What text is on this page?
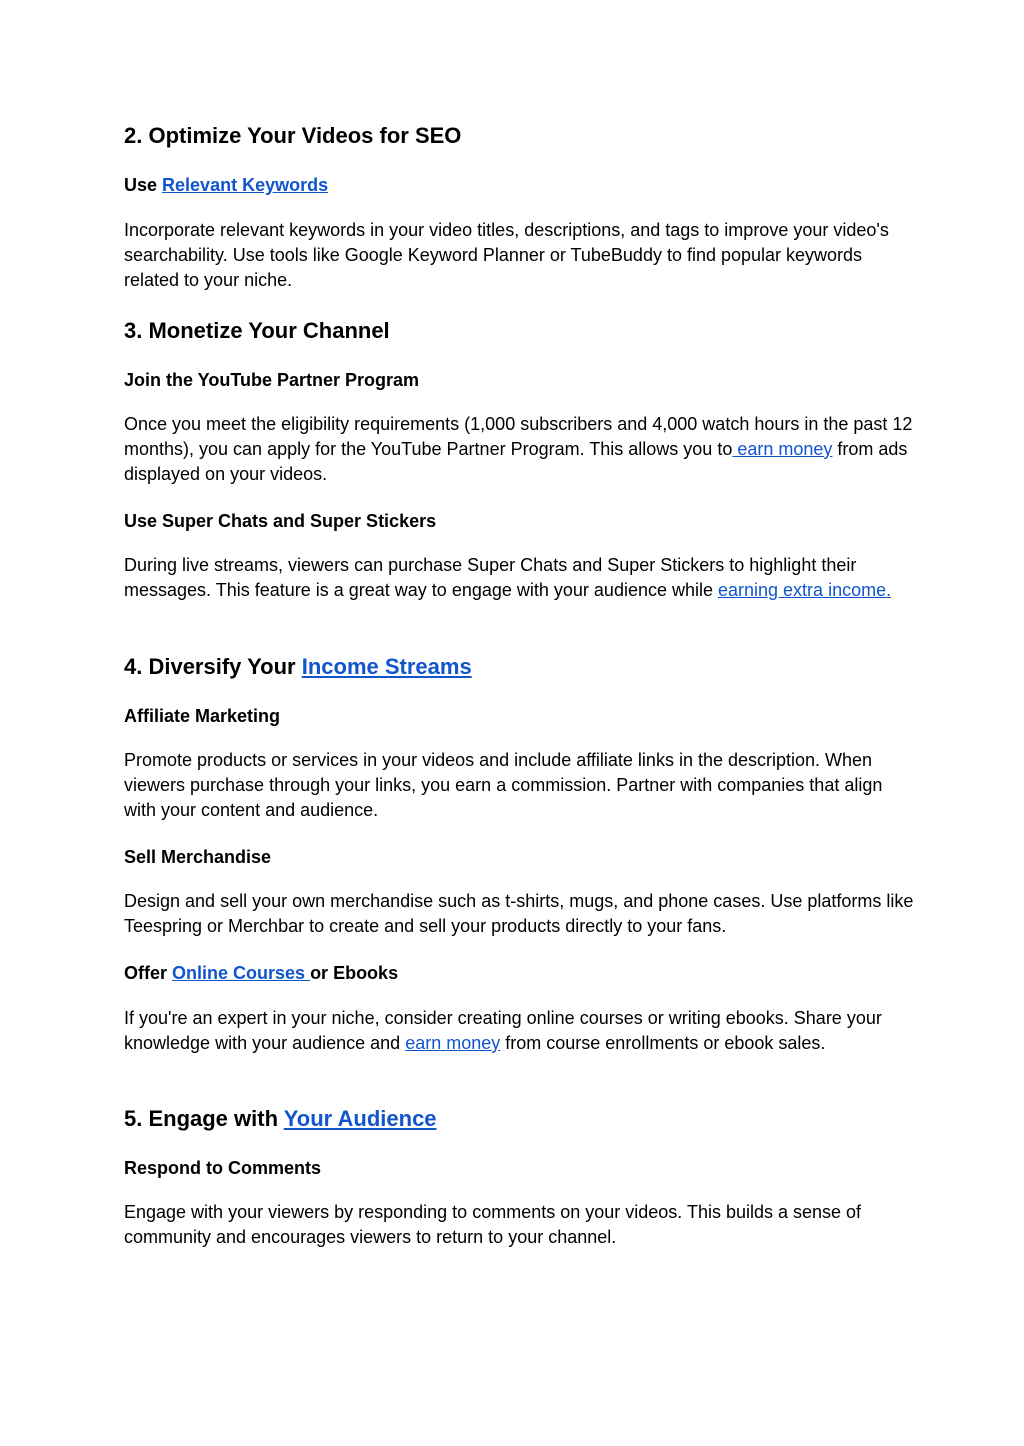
2. Optimize Your Videos for SEO
Use Relevant Keywords

Incorporate relevant keywords in your video titles, descriptions, and tags to improve your video's searchability. Use tools like Google Keyword Planner or TubeBuddy to find popular keywords related to your niche.

3. Monetize Your Channel
Join the YouTube Partner Program

Once you meet the eligibility requirements (1,000 subscribers and 4,000 watch hours in the past 12 months), you can apply for the YouTube Partner Program. This allows you to earn money from ads displayed on your videos.

Use Super Chats and Super Stickers

During live streams, viewers can purchase Super Chats and Super Stickers to highlight their messages. This feature is a great way to engage with your audience while earning extra income.

4. Diversify Your Income Streams
Affiliate Marketing

Promote products or services in your videos and include affiliate links in the description. When viewers purchase through your links, you earn a commission. Partner with companies that align with your content and audience.

Sell Merchandise

Design and sell your own merchandise such as t-shirts, mugs, and phone cases. Use platforms like Teespring or Merchbar to create and sell your products directly to your fans.

Offer Online Courses or Ebooks

If you're an expert in your niche, consider creating online courses or writing ebooks. Share your knowledge with your audience and earn money from course enrollments or ebook sales.

5. Engage with Your Audience
Respond to Comments

Engage with your viewers by responding to comments on your videos. This builds a sense of community and encourages viewers to return to your channel.
